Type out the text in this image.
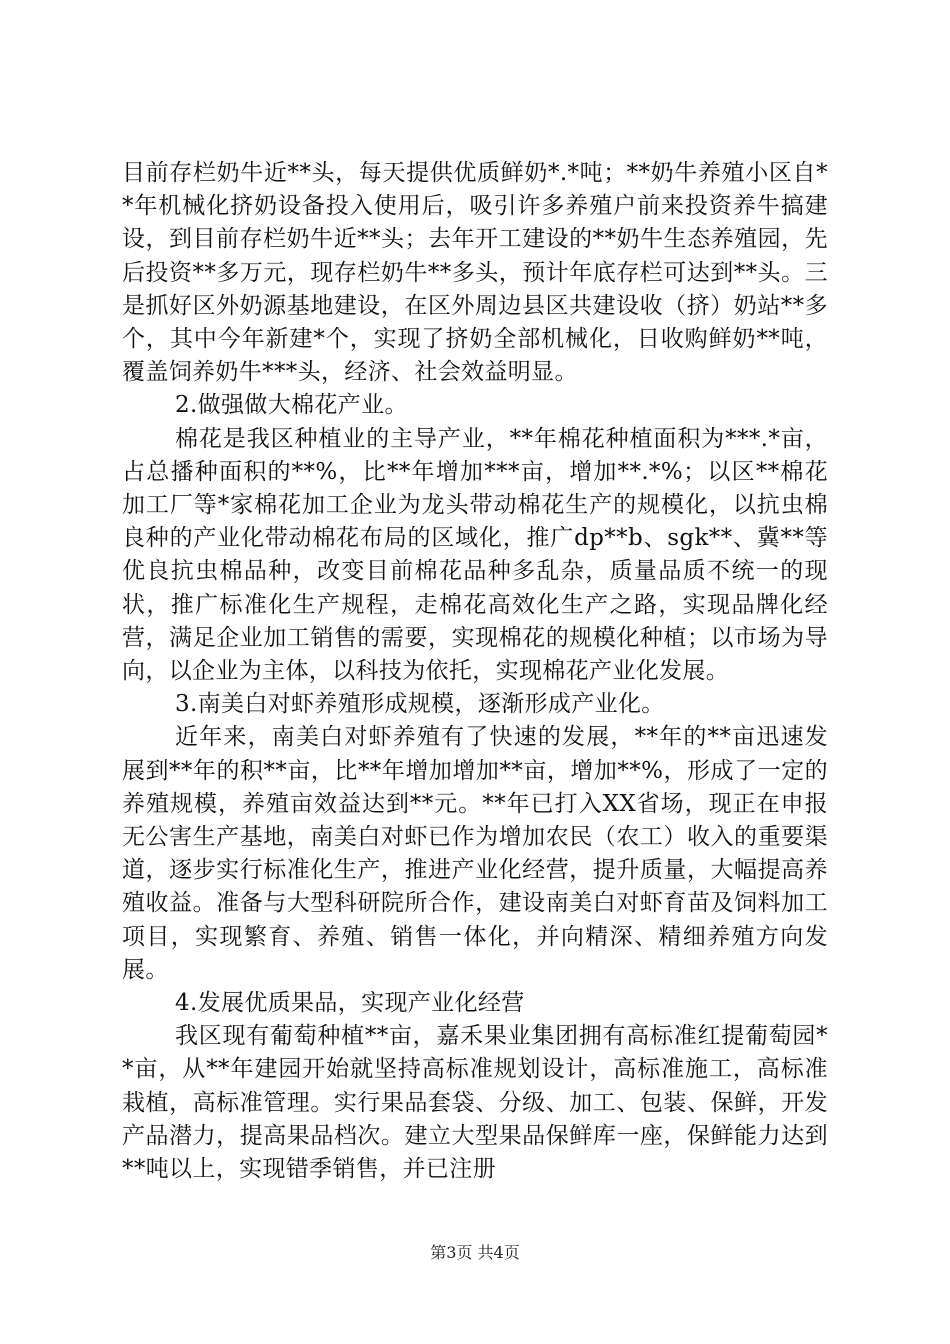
目前存栏奶牛近**头，每天提供优质鲜奶*.*吨；**奶牛养殖小区自**年机械化挤奶设备投入使用后，吸引许多养殖户前来投资养牛搞建设，到目前存栏奶牛近**头；去年开工建设的**奶牛生态养殖园，先后投资**多万元，现存栏奶牛**多头，预计年底存栏可达到**头。三是抓好区外奶源基地建设，在区外周边县区共建设收（挤）奶站**多个，其中今年新建*个，实现了挤奶全部机械化，日收购鲜奶**吨，覆盖饲养奶牛***头，经济、社会效益明显。

2.做强做大棉花产业。

棉花是我区种植业的主导产业，**年棉花种植面积为***.*亩，占总播种面积的**%，比**年增加***亩，增加**.*%；以区**棉花加工厂等*家棉花加工企业为龙头带动棉花生产的规模化，以抗虫棉良种的产业化带动棉花布局的区域化，推广dp**b、sgk**、冀**等优良抗虫棉品种，改变目前棉花品种多乱杂，质量品质不统一的现状，推广标准化生产规程，走棉花高效化生产之路，实现品牌化经营，满足企业加工销售的需要，实现棉花的规模化种植；以市场为导向，以企业为主体，以科技为依托，实现棉花产业化发展。

3.南美白对虾养殖形成规模，逐渐形成产业化。

近年来，南美白对虾养殖有了快速的发展，**年的**亩迅速发展到**年的积**亩，比**年增加增加**亩，增加**%，形成了一定的养殖规模，养殖亩效益达到**元。**年已打入XX省场，现正在申报无公害生产基地，南美白对虾已作为增加农民（农工）收入的重要渠道，逐步实行标准化生产，推进产业化经营，提升质量，大幅提高养殖收益。准备与大型科研院所合作，建设南美白对虾育苗及饲料加工项目，实现繁育、养殖、销售一体化，并向精深、精细养殖方向发展。

4.发展优质果品，实现产业化经营

我区现有葡萄种植**亩，嘉禾果业集团拥有高标准红提葡萄园**亩，从**年建园开始就坚持高标准规划设计，高标准施工，高标准栽植，高标准管理。实行果品套袋、分级、加工、包装、保鲜，开发产品潜力，提高果品档次。建立大型果品保鲜库一座，保鲜能力达到**吨以上，实现错季销售，并已注册

第3页 共4页
